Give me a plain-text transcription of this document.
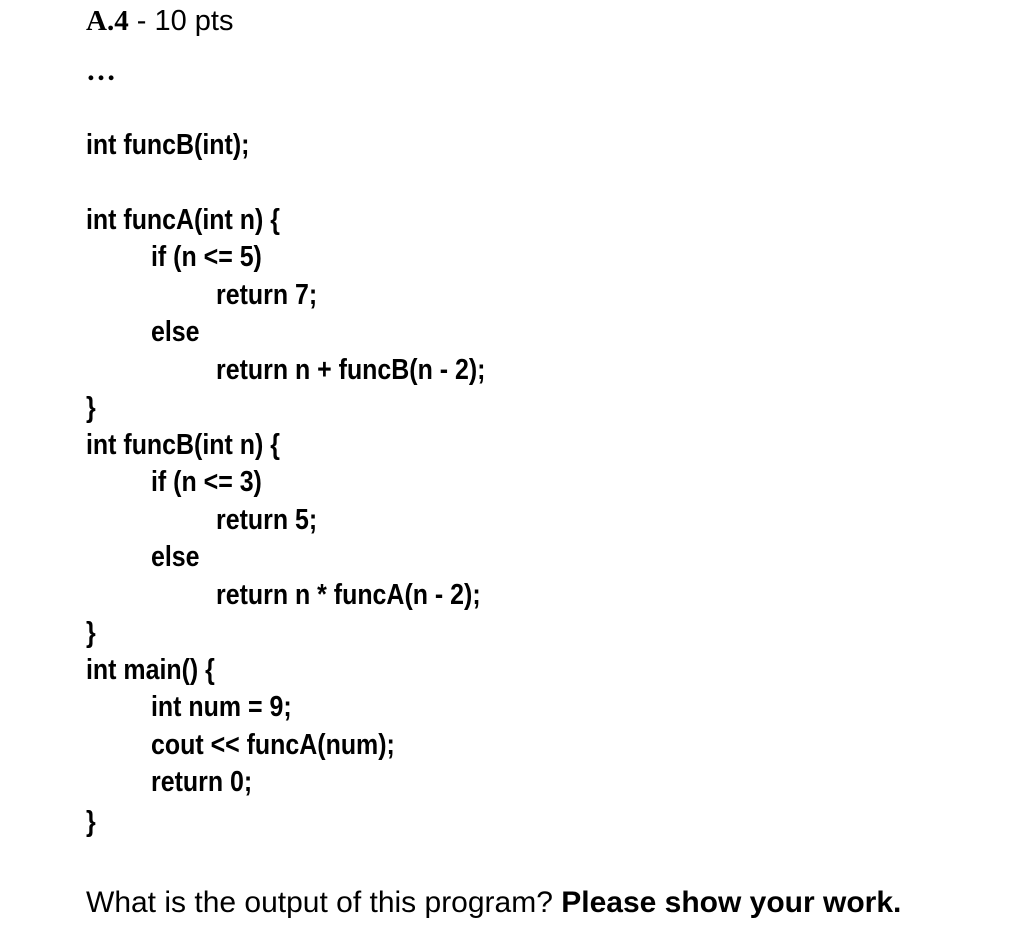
A.4 - 10 pts
…
int funcB(int);
int funcA(int n) {
if (n <= 5)
return 7;
else
return n + funcB(n - 2);
}
int funcB(int n) {
if (n <= 3)
return 5;
else
return n * funcA(n - 2);
}
int main() {
int num = 9;
cout << funcA(num);
return 0;
}
What is the output of this program? Please show your work.
